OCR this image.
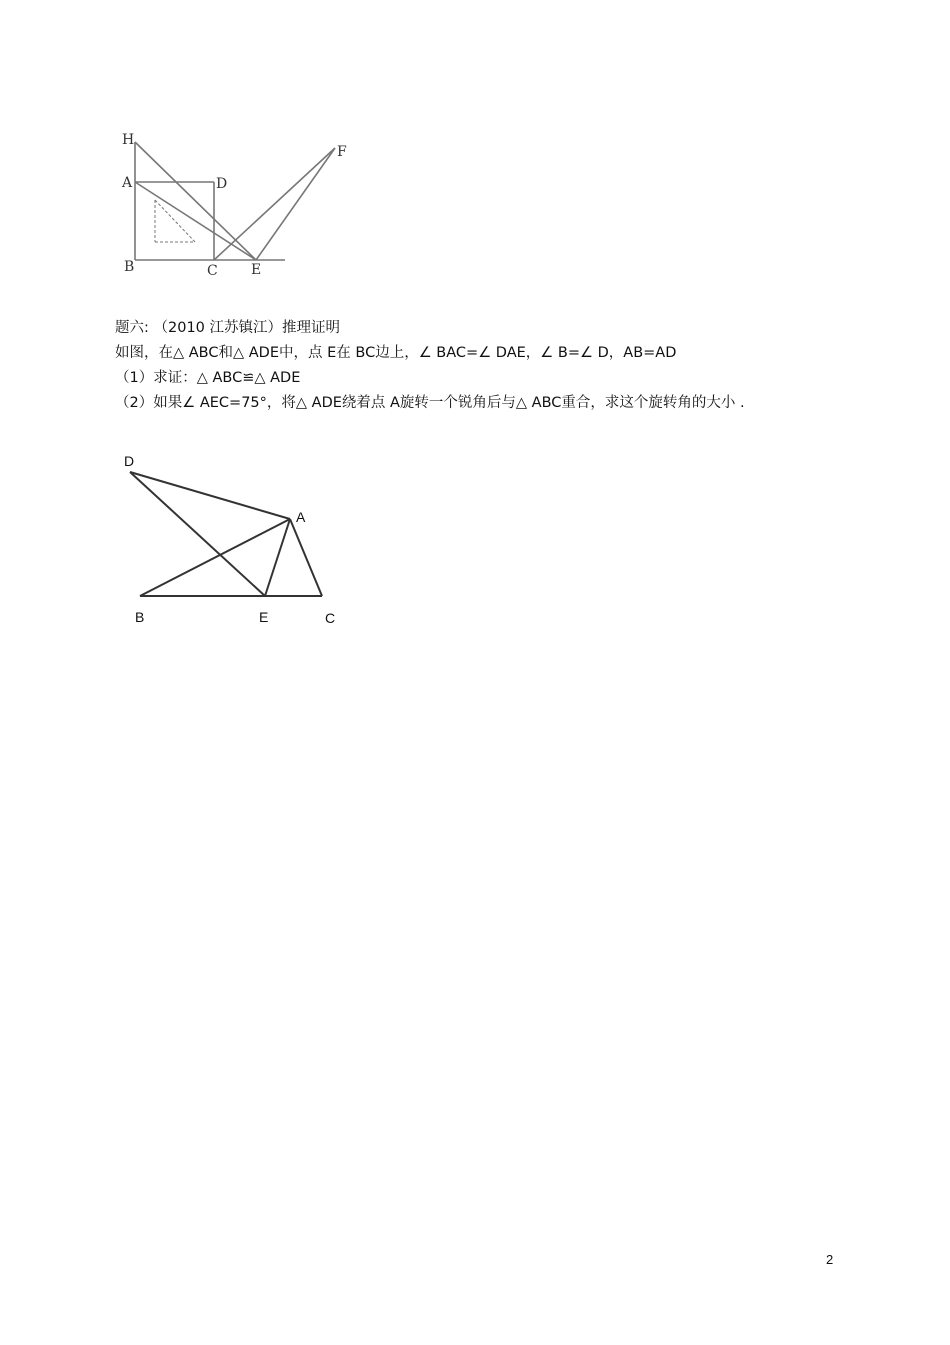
H
A	D
F
B	C E
题六: （2010 江苏镇江）推理证明
如图，在△ ABC和△ ADE中，点 E在 BC边上，∠ BAC=∠ DAE，∠ B=∠ D，AB=AD
（1）求证：△ ABC≌△ ADE
（2）如果∠ AEC=75°，将△ ADE绕着点 A旋转一个锐角后与△ ABC重合，求这个旋转角的大小 .
D
A
B	E	C
2
